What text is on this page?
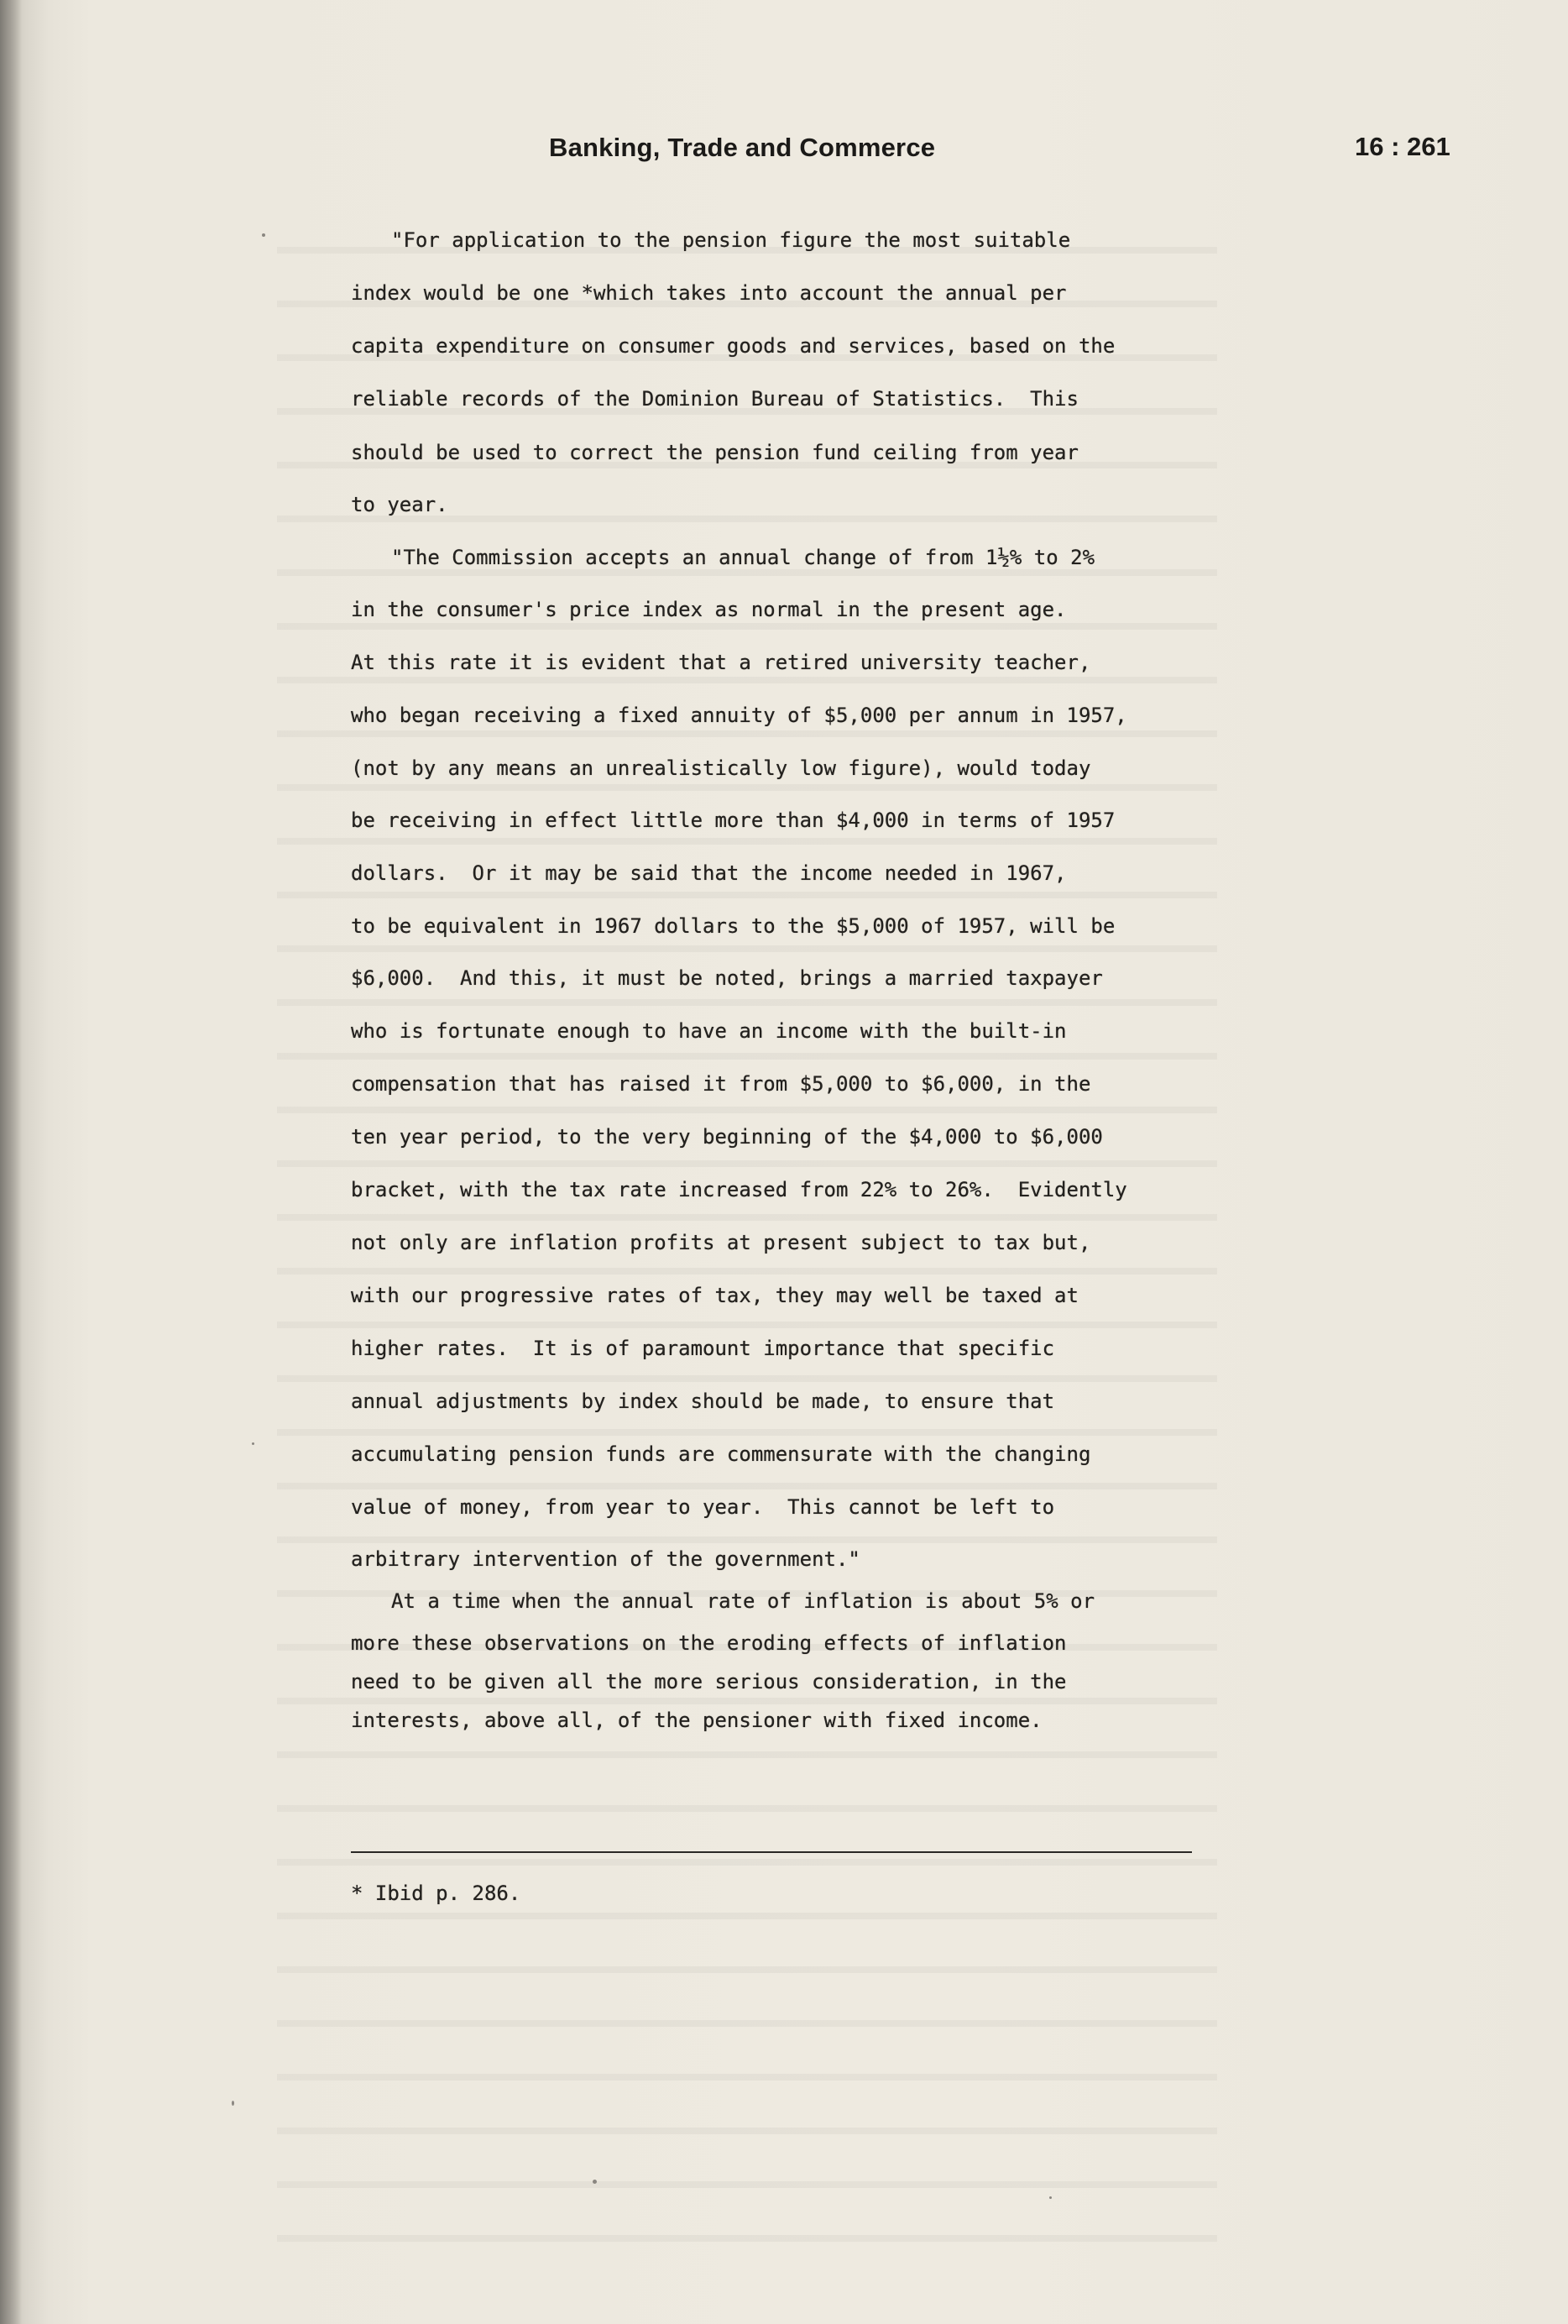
Banking, Trade and Commerce	16 : 261
"For application to the pension figure the most suitable
index would be one *which takes into account the annual per
capita expenditure on consumer goods and services, based on the
reliable records of the Dominion Bureau of Statistics.  This
should be used to correct the pension fund ceiling from year
to year.
"The Commission accepts an annual change of from 1½% to 2%
in the consumer's price index as normal in the present age.
At this rate it is evident that a retired university teacher,
who began receiving a fixed annuity of $5,000 per annum in 1957,
(not by any means an unrealistically low figure), would today
be receiving in effect little more than $4,000 in terms of 1957
dollars.  Or it may be said that the income needed in 1967,
to be equivalent in 1967 dollars to the $5,000 of 1957, will be
$6,000.  And this, it must be noted, brings a married taxpayer
who is fortunate enough to have an income with the built-in
compensation that has raised it from $5,000 to $6,000, in the
ten year period, to the very beginning of the $4,000 to $6,000
bracket, with the tax rate increased from 22% to 26%.  Evidently
not only are inflation profits at present subject to tax but,
with our progressive rates of tax, they may well be taxed at
higher rates.  It is of paramount importance that specific
annual adjustments by index should be made, to ensure that
accumulating pension funds are commensurate with the changing
value of money, from year to year.  This cannot be left to
arbitrary intervention of the government."
At a time when the annual rate of inflation is about 5% or
more these observations on the eroding effects of inflation
need to be given all the more serious consideration, in the
interests, above all, of the pensioner with fixed income.
* Ibid p. 286.
